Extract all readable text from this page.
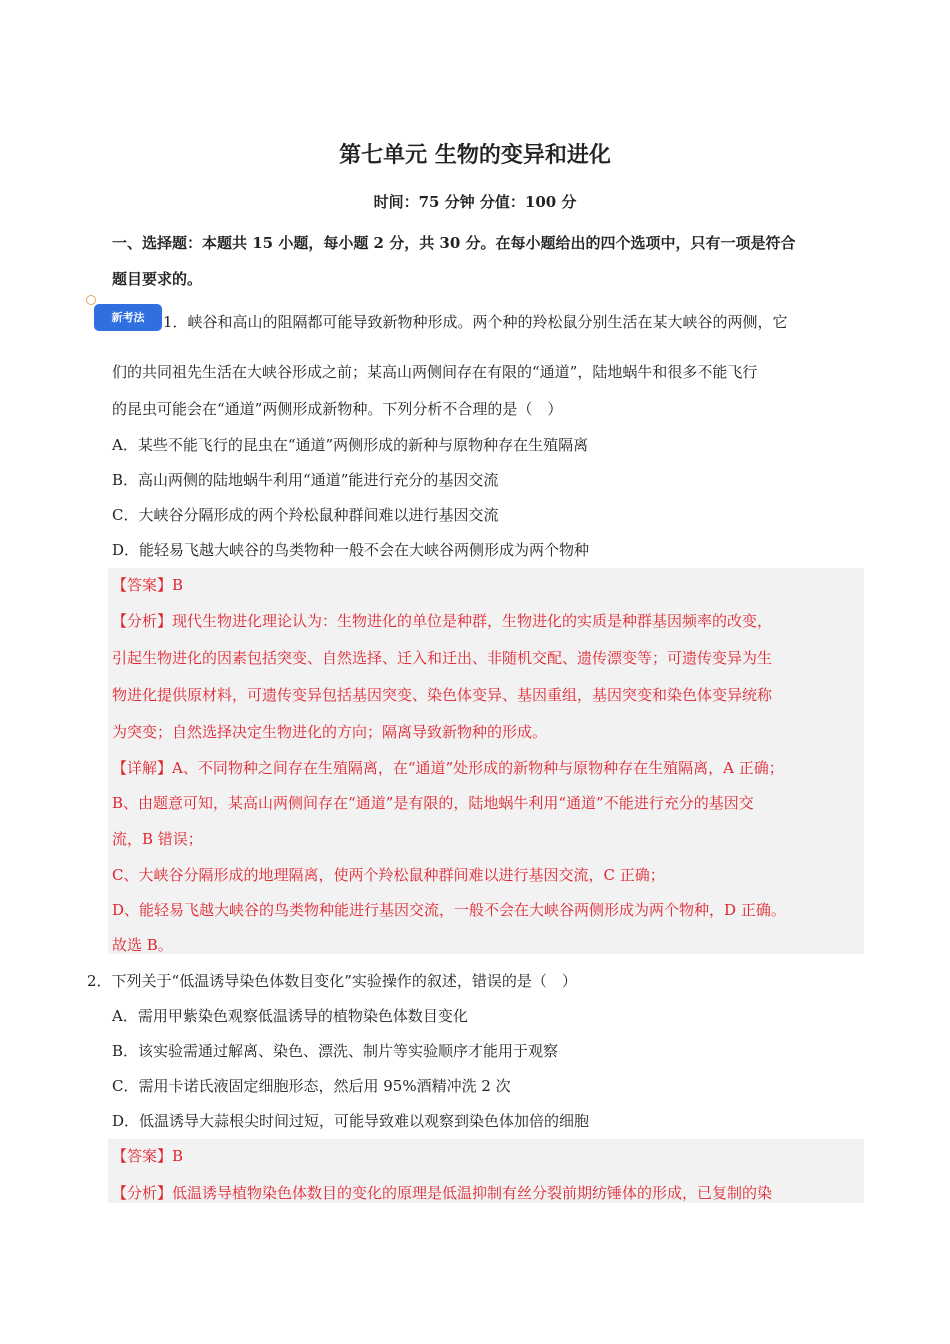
第七单元 生物的变异和进化
时间：75 分钟 分值：100 分
一、选择题：本题共 15 小题，每小题 2 分，共 30 分。在每小题给出的四个选项中，只有一项是符合
题目要求的。
新考法	1．峡谷和高山的阻隔都可能导致新物种形成。两个种的羚松鼠分别生活在某大峡谷的两侧，它
们的共同祖先生活在大峡谷形成之前；某高山两侧间存在有限的“通道”，陆地蜗牛和很多不能飞行
的昆虫可能会在“通道”两侧形成新物种。下列分析不合理的是（　）
A．某些不能飞行的昆虫在“通道”两侧形成的新种与原物种存在生殖隔离
B．高山两侧的陆地蜗牛利用“通道”能进行充分的基因交流
C．大峡谷分隔形成的两个羚松鼠种群间难以进行基因交流
D．能轻易飞越大峡谷的鸟类物种一般不会在大峡谷两侧形成为两个物种
【答案】B
【分析】现代生物进化理论认为：生物进化的单位是种群，生物进化的实质是种群基因频率的改变，
引起生物进化的因素包括突变、自然选择、迁入和迁出、非随机交配、遗传漂变等；可遗传变异为生
物进化提供原材料，可遗传变异包括基因突变、染色体变异、基因重组，基因突变和染色体变异统称
为突变；自然选择决定生物进化的方向；隔离导致新物种的形成。
【详解】A、不同物种之间存在生殖隔离，在“通道”处形成的新物种与原物种存在生殖隔离，A 正确；
B、由题意可知，某高山两侧间存在“通道”是有限的，陆地蜗牛利用“通道”不能进行充分的基因交
流，B 错误；
C、大峡谷分隔形成的地理隔离，使两个羚松鼠种群间难以进行基因交流，C 正确；
D、能轻易飞越大峡谷的鸟类物种能进行基因交流，一般不会在大峡谷两侧形成为两个物种，D 正确。
故选 B。
2．下列关于“低温诱导染色体数目变化”实验操作的叙述，错误的是（　）
A．需用甲紫染色观察低温诱导的植物染色体数目变化
B．该实验需通过解离、染色、漂洗、制片等实验顺序才能用于观察
C．需用卡诺氏液固定细胞形态，然后用 95%酒精冲洗 2 次
D．低温诱导大蒜根尖时间过短，可能导致难以观察到染色体加倍的细胞
【答案】B
【分析】低温诱导植物染色体数目的变化的原理是低温抑制有丝分裂前期纺锤体的形成，已复制的染
